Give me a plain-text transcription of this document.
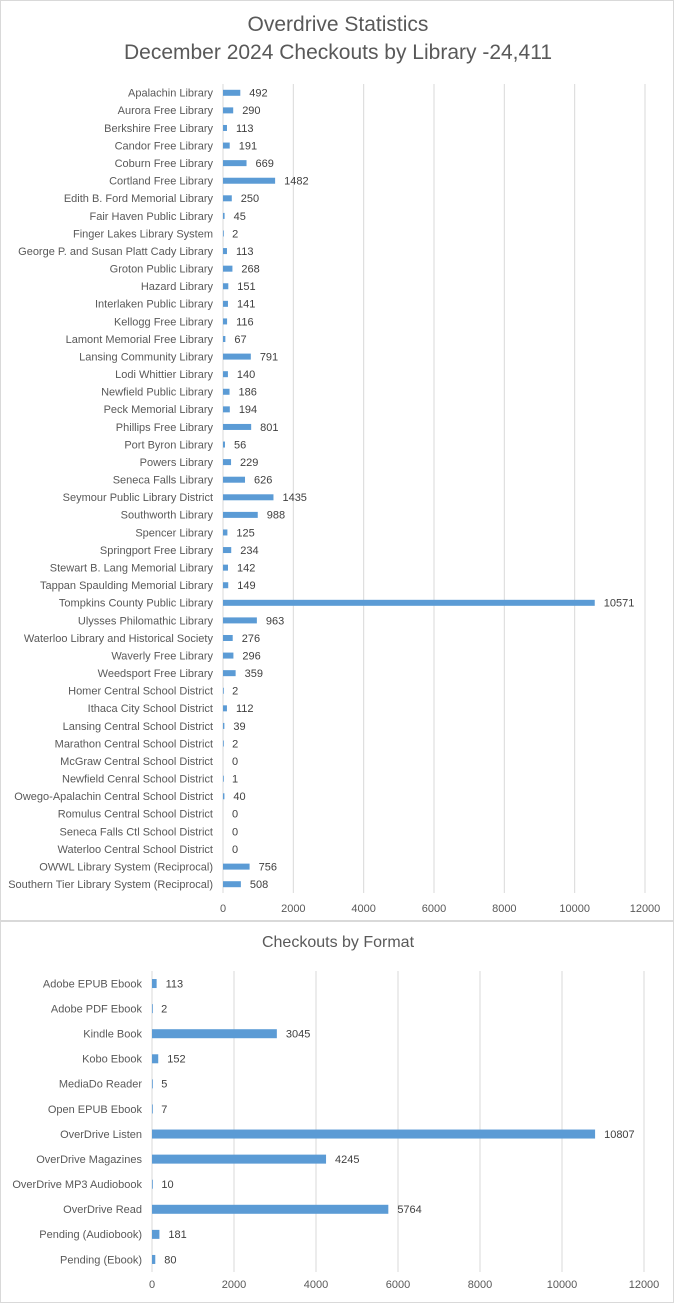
Overdrive Statistics
December 2024 Checkouts by Library -24,411
0	2000	4000	6000	8000	10000	12000
Apalachin Library	492
Aurora Free Library	290
Berkshire Free Library 113
Candor Free Library 191
Coburn Free Library	669
Cortland Free Library	1482
Edith B. Ford Memorial Library	250
Fair Haven Public Library 45
Finger Lakes Library System 2
George P. and Susan Platt Cady Library 113
Groton Public Library	268
Hazard Library 151
Interlaken Public Library 141
Kellogg Free Library 116
Lamont Memorial Free Library 67
Lansing Community Library	791
Lodi Whittier Library 140
Newfield Public Library 186
Peck Memorial Library 194
Phillips Free Library	801
Port Byron Library 56
Powers Library 229
Seneca Falls Library	626
Seymour Public Library District	1435
Southworth Library	988
Spencer Library 125
Springport Free Library 234
Stewart B. Lang Memorial Library 142
Tappan Spaulding Memorial Library 149
Tompkins County Public Library	10571
Ulysses Philomathic Library	963
Waterloo Library and Historical Society	276
Waverly Free Library	296
Weedsport Free Library	359
Homer Central School District 2
Ithaca City School District 112
Lansing Central School District 39
Marathon Central School District 2
McGraw Central School District 0
Newfield Cenral School District 1
Owego-Apalachin Central School District 40
Romulus Central School District 0
Seneca Falls Ctl School District 0
Waterloo Central School District 0
OWWL Library System (Reciprocal)	756
Southern Tier Library System (Reciprocal)	508
Checkouts by Format
0	2000	4000	6000	8000	10000	12000
Adobe EPUB Ebook 113
Adobe PDF Ebook 2
Kindle Book	3045
Kobo Ebook 152
MediaDo Reader 5
Open EPUB Ebook 7
OverDrive Listen	10807
OverDrive Magazines	4245
OverDrive MP3 Audiobook 10
OverDrive Read	5764
Pending (Audiobook) 181
Pending (Ebook) 80
